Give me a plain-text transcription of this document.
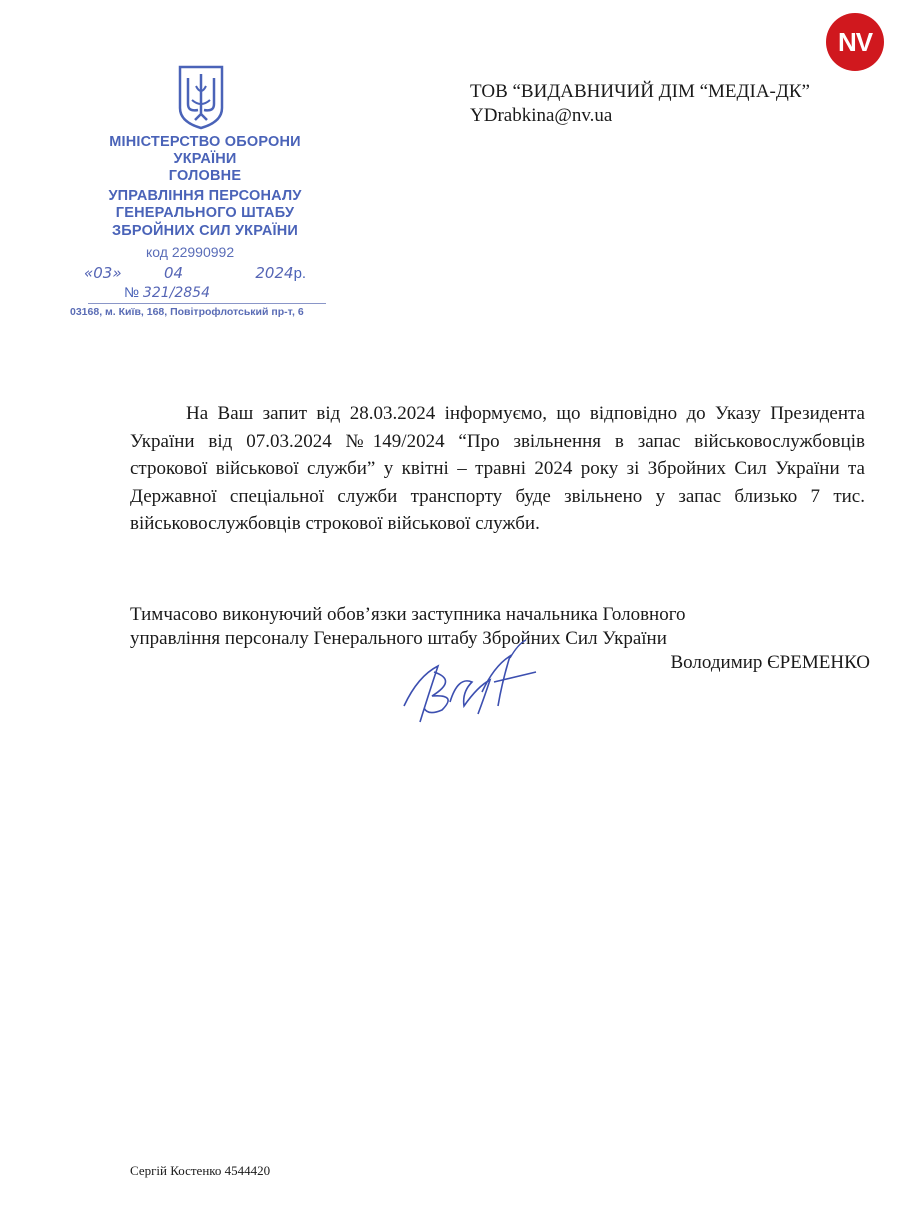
NV
МІНІСТЕРСТВО ОБОРОНИ
УКРАЇНИ
ГОЛОВНЕ
УПРАВЛІННЯ ПЕРСОНАЛУ
ГЕНЕРАЛЬНОГО ШТАБУ
ЗБРОЙНИХ СИЛ УКРАЇНИ
код 22990992
«03»	04	2024р.
№ 321/2854
03168, м. Київ, 168, Повітрофлотський пр-т, 6
ТОВ “ВИДАВНИЧИЙ ДІМ “МЕДІА-ДК”
YDrabkina@nv.ua

На Ваш запит від 28.03.2024 інформуємо, що відповідно до Указу Президента України від 07.03.2024 №149/2024 “Про звільнення в запас військовослужбовців строкової військової служби” у квітні – травні 2024 року зі Збройних Сил України та Державної спеціальної служби транспорту буде звільнено у запас близько 7 тис. військовослужбовців строкової військової служби.

Тимчасово виконуючий обов’язки заступника начальника Головного
управління персоналу Генерального штабу Збройних Сил України
Володимир ЄРЕМЕНКО
Сергій Костенко 4544420
